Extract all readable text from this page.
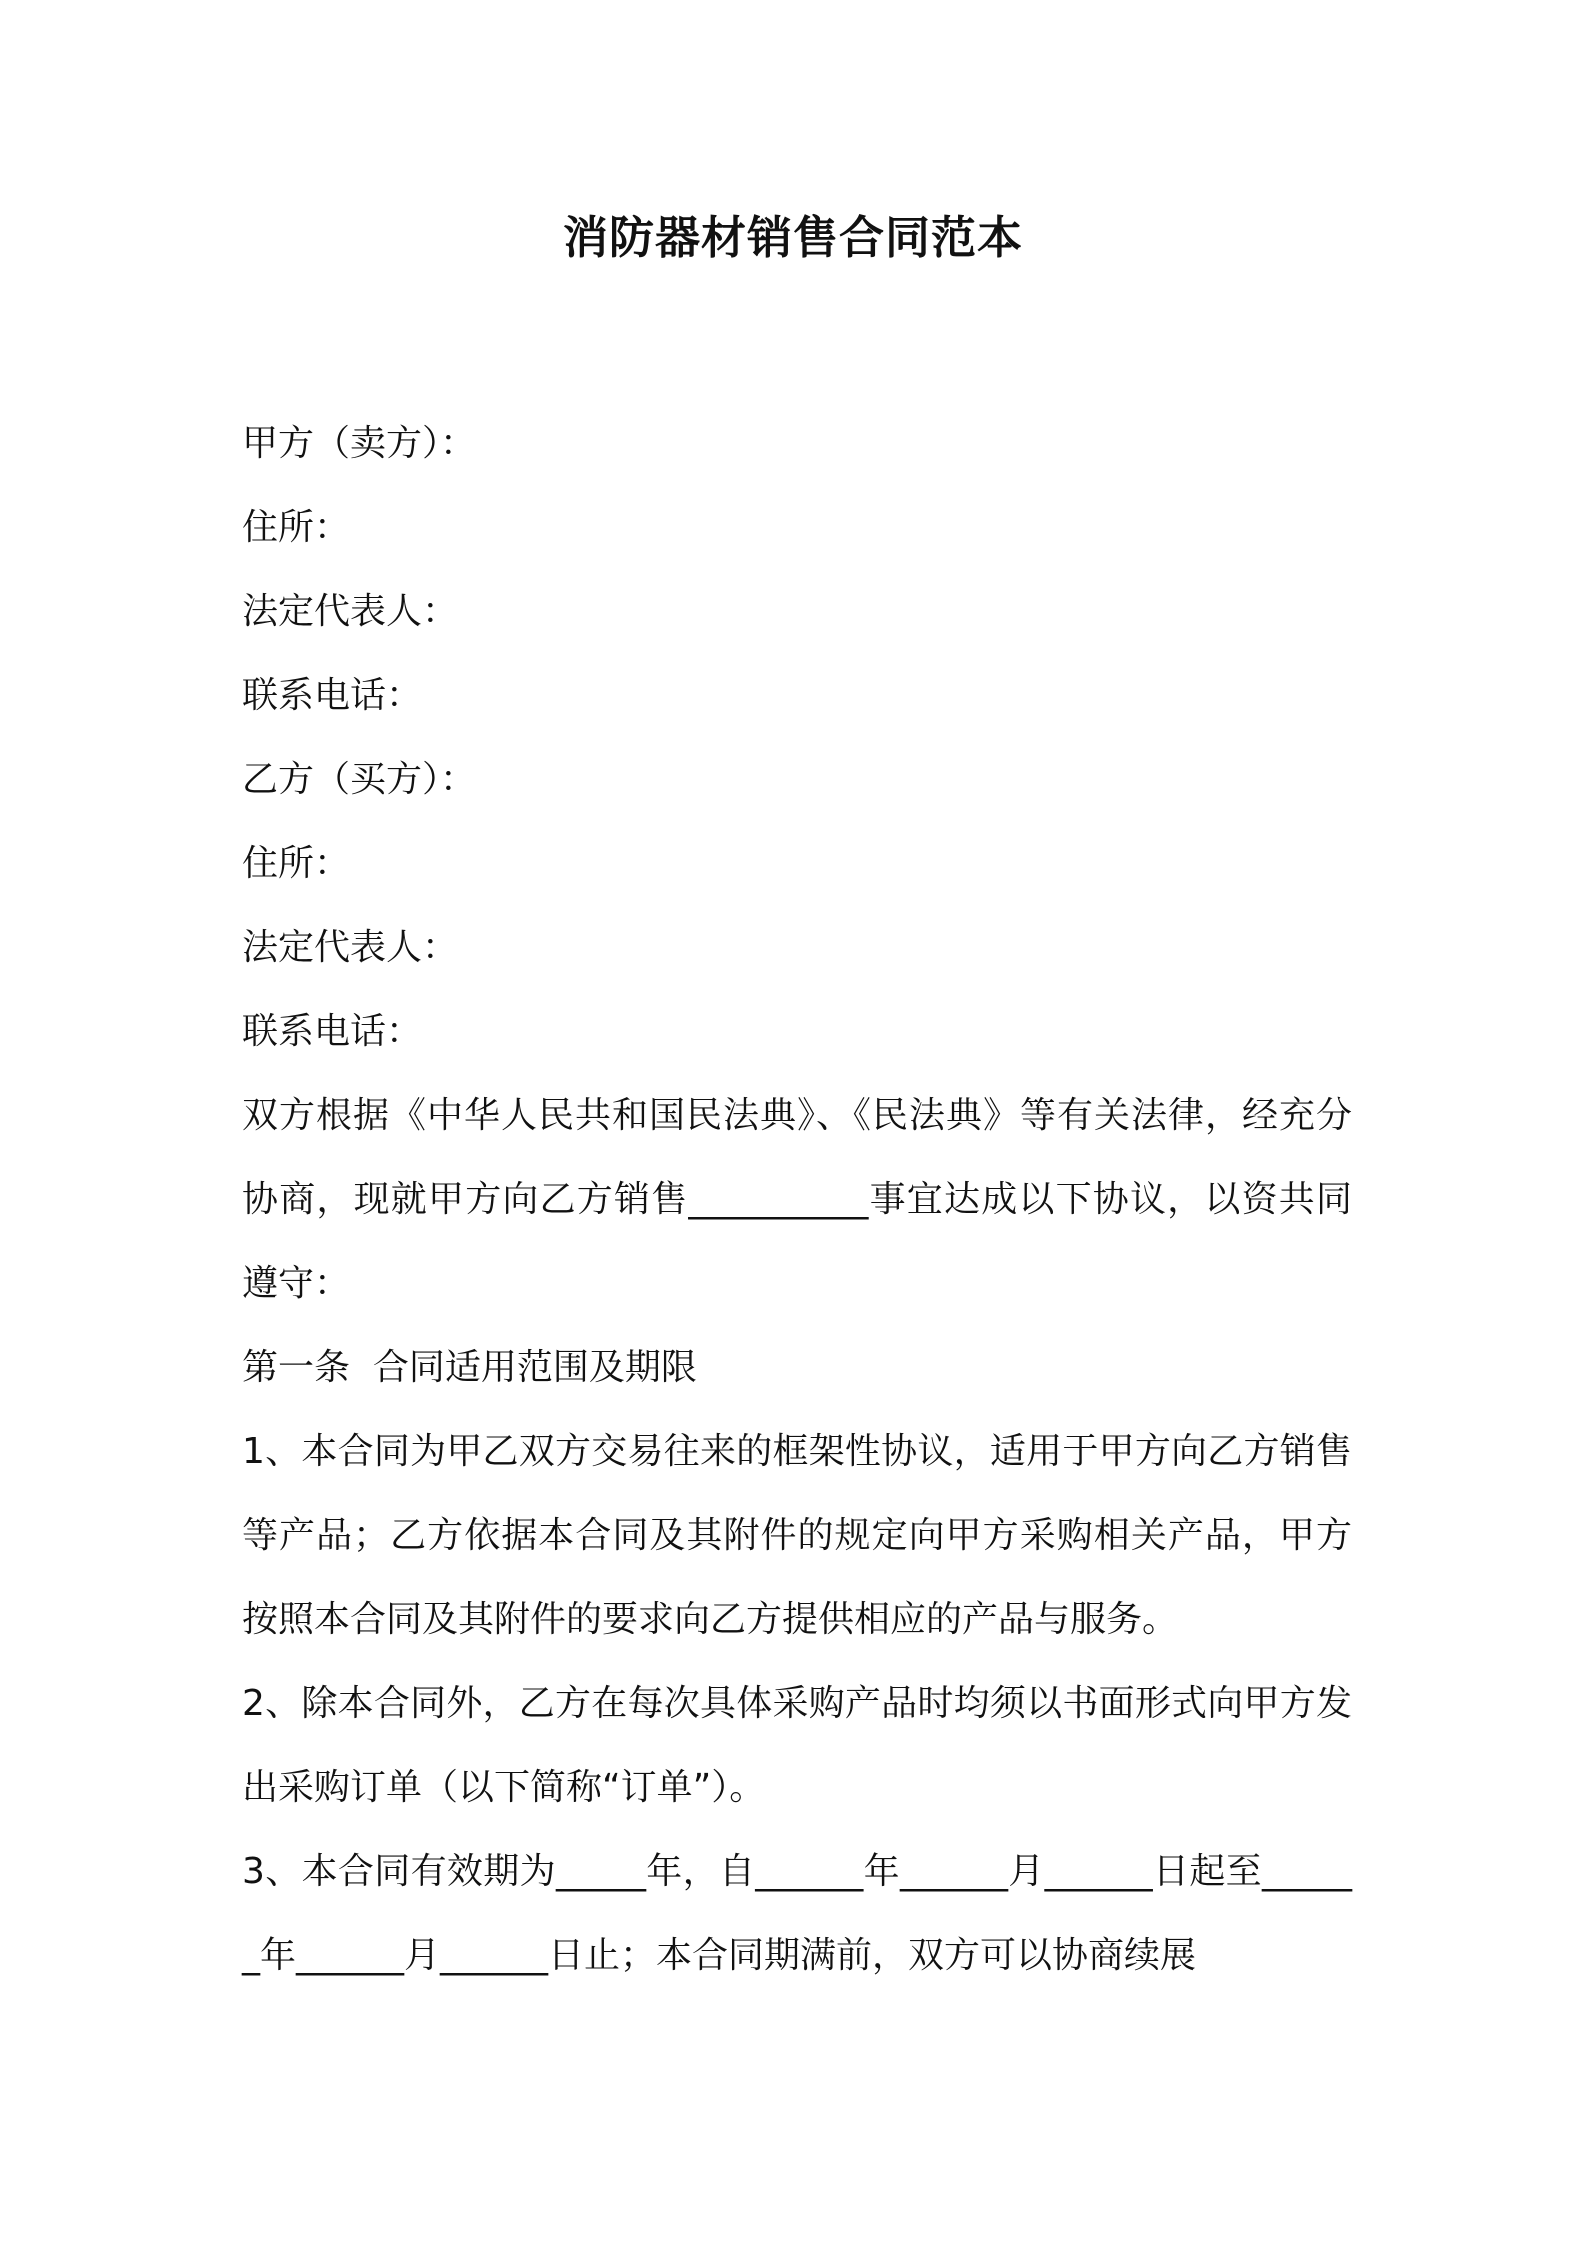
消防器材销售合同范本
甲方（卖方）：
住所：
法定代表人：
联系电话：
乙方（买方）：
住所：
法定代表人：
联系电话：
双方根据《中华人民共和国民法典》、《民法典》等有关法律，经充分协商，现就甲方向乙方销售__________事宜达成以下协议，以资共同遵守：
第一条  合同适用范围及期限
1、本合同为甲乙双方交易往来的框架性协议，适用于甲方向乙方销售等产品；乙方依据本合同及其附件的规定向甲方采购相关产品，甲方按照本合同及其附件的要求向乙方提供相应的产品与服务。
2、除本合同外，乙方在每次具体采购产品时均须以书面形式向甲方发出采购订单（以下简称“订单”）。
3、本合同有效期为_____年，自______年______月______日起至______年______月______日止；本合同期满前，双方可以协商续展
